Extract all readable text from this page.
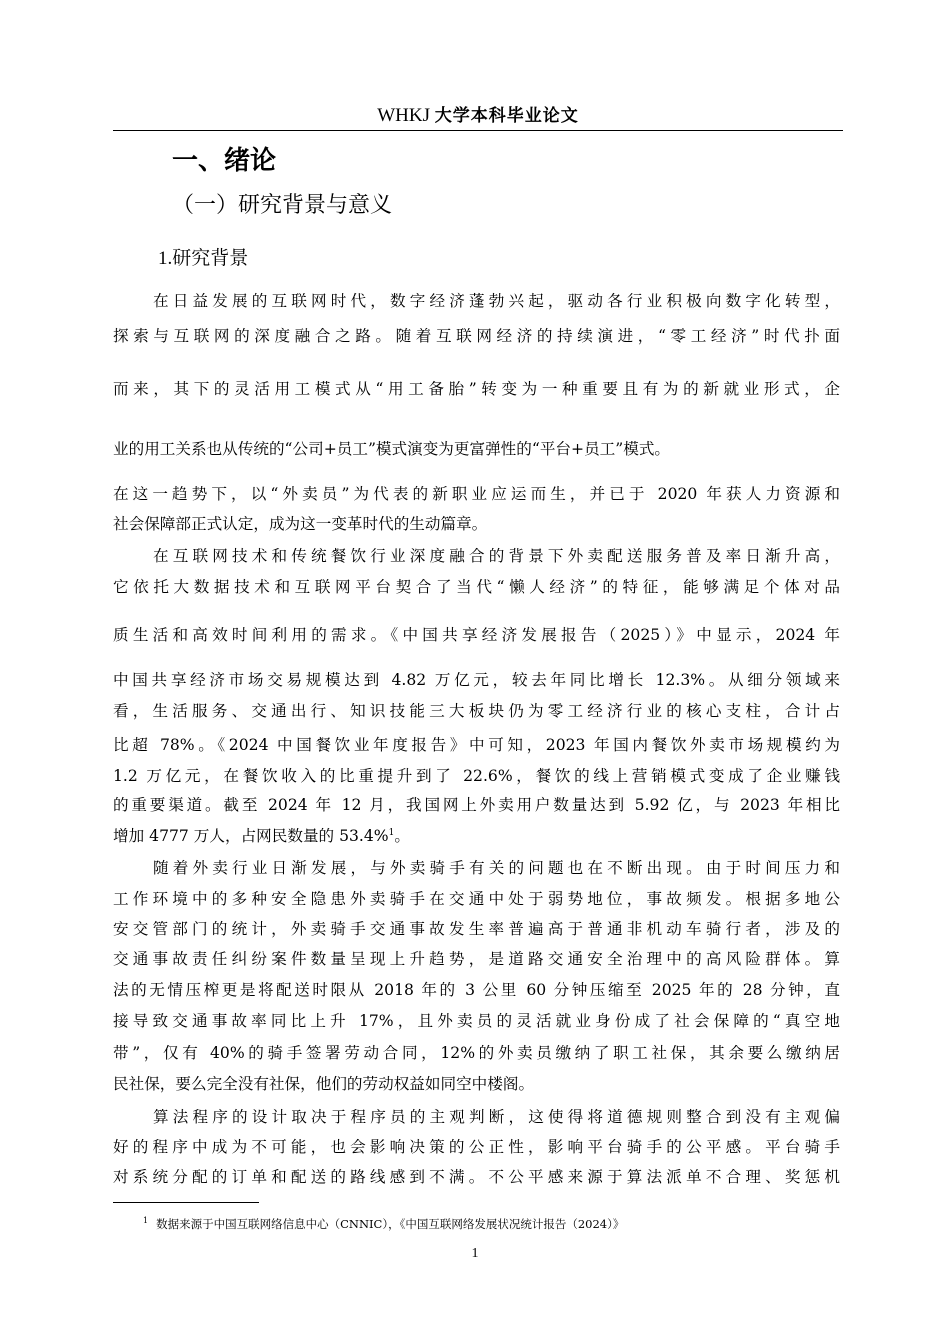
WHKJ 大学本科毕业论文
一、绪论
（一）研究背景与意义
1.研究背景
在日益发展的互联网时代，数字经济蓬勃兴起，驱动各行业积极向数字化转型，
探索与互联网的深度融合之路。随着互联网经济的持续演进，“零工经济”时代扑面
而来，其下的灵活用工模式从“用工备胎”转变为一种重要且有为的新就业形式，企
业的用工关系也从传统的“公司+员工”模式演变为更富弹性的“平台+员工”模式。
在这一趋势下，以“外卖员”为代表的新职业应运而生，并已于 2020 年获人力资源和
社会保障部正式认定，成为这一变革时代的生动篇章。
在互联网技术和传统餐饮行业深度融合的背景下外卖配送服务普及率日渐升高，
它依托大数据技术和互联网平台契合了当代“懒人经济”的特征，能够满足个体对品
质生活和高效时间利用的需求。《中国共享经济发展报告（2025）》中显示，2024 年
中国共享经济市场交易规模达到 4.82 万亿元，较去年同比增长 12.3%。从细分领域来
看，生活服务、交通出行、知识技能三大板块仍为零工经济行业的核心支柱，合计占
比超 78%。《2024 中国餐饮业年度报告》中可知，2023 年国内餐饮外卖市场规模约为
1.2 万亿元，在餐饮收入的比重提升到了 22.6%，餐饮的线上营销模式变成了企业赚钱
的重要渠道。截至 2024 年 12 月，我国网上外卖用户数量达到 5.92 亿，与 2023 年相比
增加 4777 万人，占网民数量的 53.4%$^1$。
随着外卖行业日渐发展，与外卖骑手有关的问题也在不断出现。由于时间压力和
工作环境中的多种安全隐患外卖骑手在交通中处于弱势地位，事故频发。根据多地公
安交管部门的统计，外卖骑手交通事故发生率普遍高于普通非机动车骑行者，涉及的
交通事故责任纠纷案件数量呈现上升趋势，是道路交通安全治理中的高风险群体。算
法的无情压榨更是将配送时限从 2018 年的 3 公里 60 分钟压缩至 2025 年的 28 分钟，直
接导致交通事故率同比上升 17%，且外卖员的灵活就业身份成了社会保障的“真空地
带”，仅有 40%的骑手签署劳动合同，12%的外卖员缴纳了职工社保，其余要么缴纳居
民社保，要么完全没有社保，他们的劳动权益如同空中楼阁。
算法程序的设计取决于程序员的主观判断，这使得将道德规则整合到没有主观偏
好的程序中成为不可能，也会影响决策的公正性，影响平台骑手的公平感。平台骑手
对系统分配的订单和配送的路线感到不满。不公平感来源于算法派单不合理、奖惩机
$^1$ 数据来源于中国互联网络信息中心（CNNIC），《中国互联网络发展状况统计报告（2024）》
1
